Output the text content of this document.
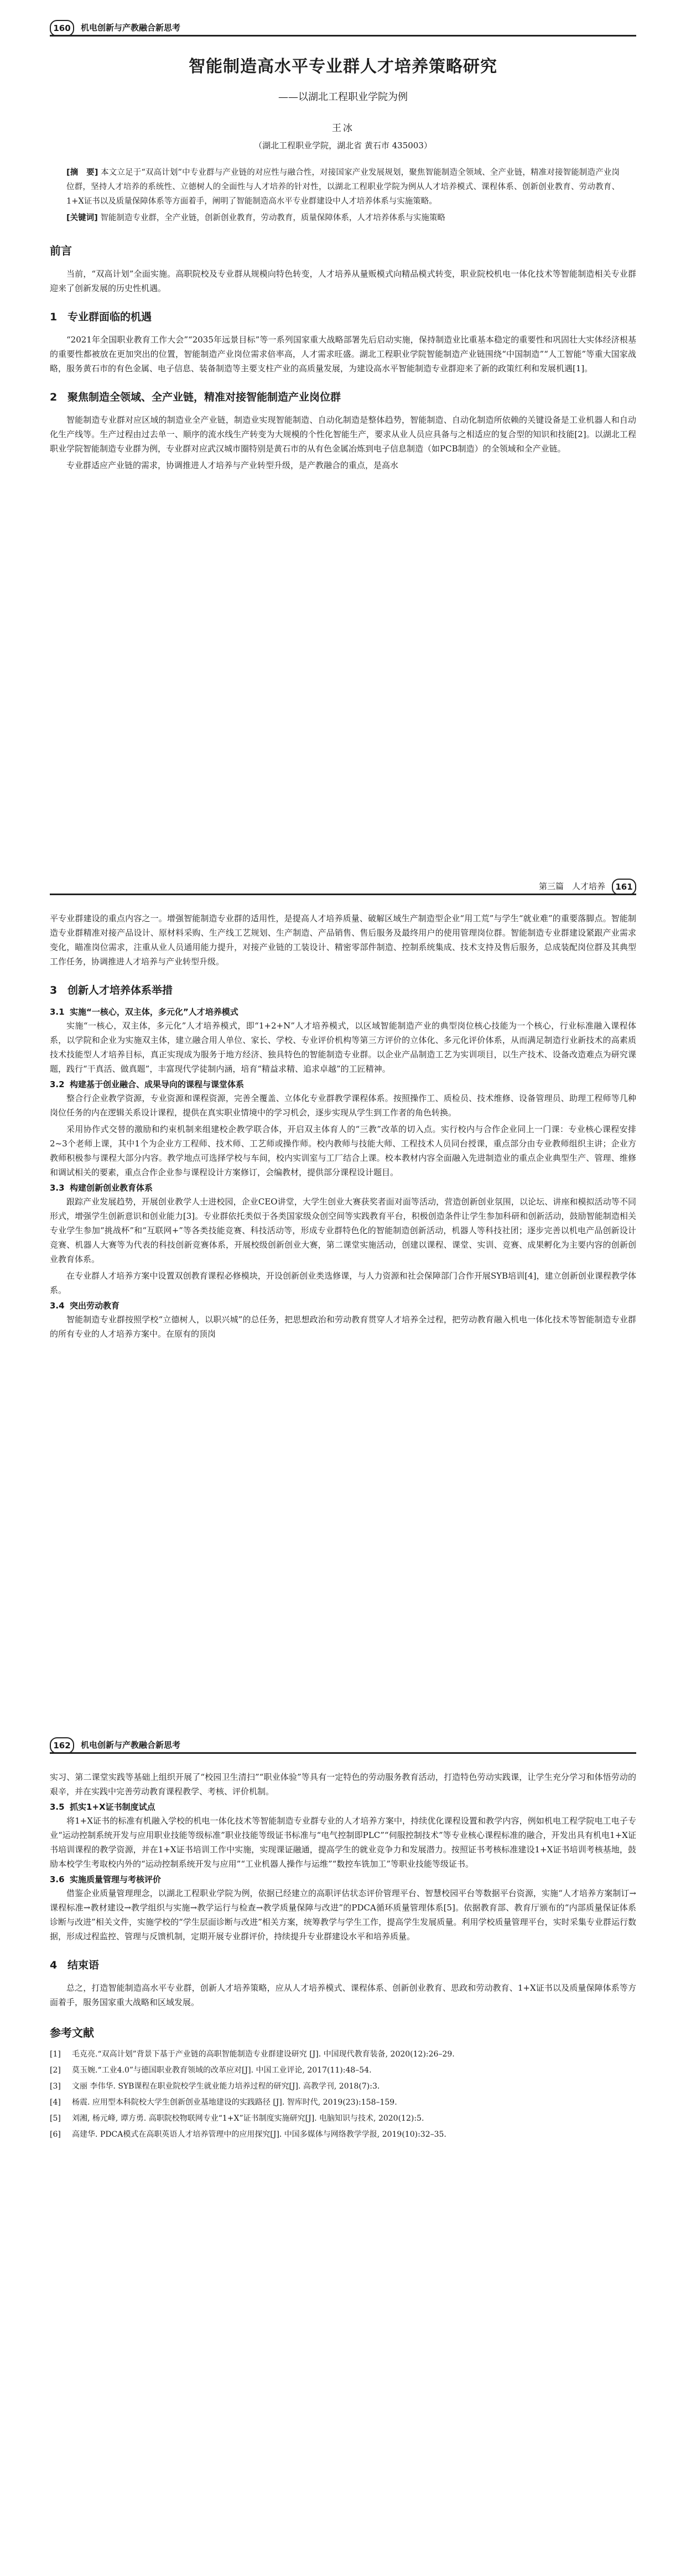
160	机电创新与产教融合新思考
智能制造高水平专业群人才培养策略研究
——以湖北工程职业学院为例
王冰
（湖北工程职业学院，湖北省 黄石市 435003）

[摘　要] 本文立足于“双高计划”中专业群与产业链的对应性与融合性，对接国家产业发展规划，聚焦智能制造全领域、全产业链，精准对接智能制造产业岗位群，坚持人才培养的系统性、立德树人的全面性与人才培养的针对性，以湖北工程职业学院为例从人才培养模式、课程体系、创新创业教育、劳动教育、1+X证书以及质量保障体系等方面着手，阐明了智能制造高水平专业群建设中人才培养体系与实施策略。

[关键词] 智能制造专业群，全产业链，创新创业教育，劳动教育，质量保障体系，人才培养体系与实施策略

前言

当前，“双高计划”全面实施。高职院校及专业群从规模向特色转变，人才培养从量贩模式向精品模式转变，职业院校机电一体化技术等智能制造相关专业群迎来了创新发展的历史性机遇。

1 专业群面临的机遇

“2021年全国职业教育工作大会”“2035年远景目标”等一系列国家重大战略部署先后启动实施，保持制造业比重基本稳定的重要性和巩固壮大实体经济根基的重要性都被放在更加突出的位置，智能制造产业岗位需求倍率高，人才需求旺盛。湖北工程职业学院智能制造产业链围绕“中国制造”“人工智能”等重大国家战略，服务黄石市的有色金属、电子信息、装备制造等主要支柱产业的高质量发展，为建设高水平智能制造专业群迎来了新的政策红利和发展机遇[1]。

2 聚焦制造全领域、全产业链，精准对接智能制造产业岗位群

智能制造专业群对应区域的制造业全产业链，制造业实现智能制造、自动化制造是整体趋势，智能制造、自动化制造所依赖的关键设备是工业机器人和自动化生产线等。生产过程由过去单一、顺序的流水线生产转变为大规模的个性化智能生产，要求从业人员应具备与之相适应的复合型的知识和技能[2]。以湖北工程职业学院智能制造专业群为例，专业群对应武汉城市圈特别是黄石市的从有色金属冶炼到电子信息制造（如PCB制造）的全领域和全产业链。

专业群适应产业链的需求，协调推进人才培养与产业转型升级，是产教融合的重点，是高水

第三篇　人才培养	161

平专业群建设的重点内容之一。增强智能制造专业群的适用性，是提高人才培养质量、破解区域生产制造型企业“用工荒”与学生“就业难”的重要落脚点。智能制造专业群精准对接产品设计、原材料采购、生产线工艺规划、生产制造、产品销售、售后服务及最终用户的使用管理岗位群。智能制造专业群建设紧跟产业需求变化，瞄准岗位需求，注重从业人员通用能力提升，对接产业链的工装设计、精密零部件制造、控制系统集成、技术支持及售后服务，总成装配岗位群及其典型工作任务，协调推进人才培养与产业转型升级。

3 创新人才培养体系举措
3.1 实施“一核心，双主体，多元化”人才培养模式

实施“一核心，双主体，多元化”人才培养模式，即“1+2+N”人才培养模式，以区域智能制造产业的典型岗位核心技能为一个核心，行业标准融入课程体系，以学院和企业为实施双主体，建立融合用人单位、家长、学校、专业评价机构等第三方评价的立体化、多元化评价体系，从而满足制造行业新技术的高素质技术技能型人才培养目标，真正实现成为服务于地方经济、独具特色的智能制造专业群。以企业产品制造工艺为实训项目，以生产技术、设备改造难点为研究课题，践行“干真活、做真题”，丰富现代学徒制内涵，培育“精益求精、追求卓越”的工匠精神。

3.2 构建基于创业融合、成果导向的课程与课堂体系

整合行企业教学资源，专业资源和课程资源，完善全覆盖、立体化专业群教学课程体系。按照操作工、质检员、技术维修、设备管理员、助理工程师等几种岗位任务的内在逻辑关系设计课程，提供在真实职业情境中的学习机会，逐步实现从学生到工作者的角色转换。

采用协作式交替的激励和约束机制来组建校企教学联合体，开启双主体育人的“三教”改革的切入点。实行校内与合作企业同上一门课：专业核心课程安排2~3个老师上课，其中1个为企业方工程师、技术师、工艺师或操作师。校内教师与技能大师、工程技术人员同台授课，重点部分由专业教师组织主讲；企业方教师积极参与课程大部分内容。教学地点可选择学校与车间，校内实训室与工厂结合上课。校本教材内容全面融入先进制造业的重点企业典型生产、管理、维修和调试相关的要素，重点合作企业参与课程设计方案修订，会编教材，提供部分课程设计题目。

3.3 构建创新创业教育体系

跟踪产业发展趋势，开展创业教学人士进校园，企业CEO讲堂，大学生创业大赛获奖者面对面等活动，营造创新创业氛围，以论坛、讲座和模拟活动等不同形式，增强学生创新意识和创业能力[3]。专业群依托类似于各类国家级众创空间等实践教育平台，积极创造条件让学生参加科研和创新活动，鼓励智能制造相关专业学生参加“挑战杯”和“互联网+”等各类技能竞赛、科技活动等，形成专业群特色化的智能制造创新活动，机器人等科技社团；逐步完善以机电产品创新设计竞赛、机器人大赛等为代表的科技创新竞赛体系，开展校级创新创业大赛，第二课堂实施活动，创建以课程、课堂、实训、竞赛、成果孵化为主要内容的创新创业教育体系。

在专业群人才培养方案中设置双创教育课程必修模块，开设创新创业类选修课，与人力资源和社会保障部门合作开展SYB培训[4]，建立创新创业课程教学体系。

3.4 突出劳动教育

智能制造专业群按照学校“立德树人，以职兴城”的总任务，把思想政治和劳动教育贯穿人才培养全过程，把劳动教育融入机电一体化技术等智能制造专业群的所有专业的人才培养方案中。在原有的顶岗

162	机电创新与产教融合新思考

实习、第二课堂实践等基础上组织开展了“校园卫生清扫”“职业体验”等具有一定特色的劳动服务教育活动，打造特色劳动实践课，让学生充分学习和体悟劳动的艰辛，并在实践中完善劳动教育课程教学、考核、评价机制。

3.5 抓实1+X证书制度试点

将1+X证书的标准有机融入学校的机电一体化技术等智能制造专业群专业的人才培养方案中，持续优化课程设置和教学内容，例如机电工程学院电工电子专业“运动控制系统开发与应用职业技能等级标准”职业技能等级证书标准与“电气控制即PLC”“伺服控制技术”等专业核心课程标准的融合，开发出具有机电1+X证书培训课程的教学资源，并在1+X证书培训工作中实施，实现课证融通，提高学生的就业竞争力和发展潜力。按照证书考核标准建设1+X证书培训考核基地，鼓励本校学生考取校内外的“运动控制系统开发与应用”“工业机器人操作与运维”“数控车铣加工”等职业技能等级证书。

3.6 实施质量管理与考核评价

借鉴企业质量管理理念，以湖北工程职业学院为例，依据已经建立的高职评估状态评价管理平台、智慧校园平台等数据平台资源，实施“人才培养方案制订→课程标准→教材建设→教学组织与实施→教学运行与检查→教学质量保障与改进”的PDCA循环质量管理体系[5]。依据教育部、教育厅颁布的“内部质量保证体系诊断与改进”相关文件，实施学校的“学生层面诊断与改进”相关方案，统筹教学与学生工作，提高学生发展质量。利用学校质量管理平台，实时采集专业群运行数据，形成过程监控、管理与反馈机制，定期开展专业群评价，持续提升专业群建设水平和培养质量。

4 结束语

总之，打造智能制造高水平专业群，创新人才培养策略，应从人才培养模式、课程体系、创新创业教育、思政和劳动教育、1+X证书以及质量保障体系等方面着手，服务国家重大战略和区域发展。

参考文献
[1] 毛克亮.“双高计划”背景下基于产业链的高职智能制造专业群建设研究 [J]. 中国现代教育装备, 2020(12):26–29.
[2] 莫玉婉.“工业4.0”与德国职业教育领域的改革应对[J]. 中国工业评论, 2017(11):48–54.
[3] 文丽 李伟华. SYB课程在职业院校学生就业能力培养过程的研究[J]. 高教学刊, 2018(7):3.
[4] 杨震. 应用型本科院校大学生创新创业基地建设的实践路径 [J]. 智库时代, 2019(23):158–159.
[5] 刘湘, 杨元峰, 谭方勇. 高职院校物联网专业“1+X”证书制度实施研究[J]. 电脑知识与技术, 2020(12):5.
[6] 高建华. PDCA模式在高职英语人才培养管理中的应用探究[J]. 中国多媒体与网络教学学报, 2019(10):32–35.
